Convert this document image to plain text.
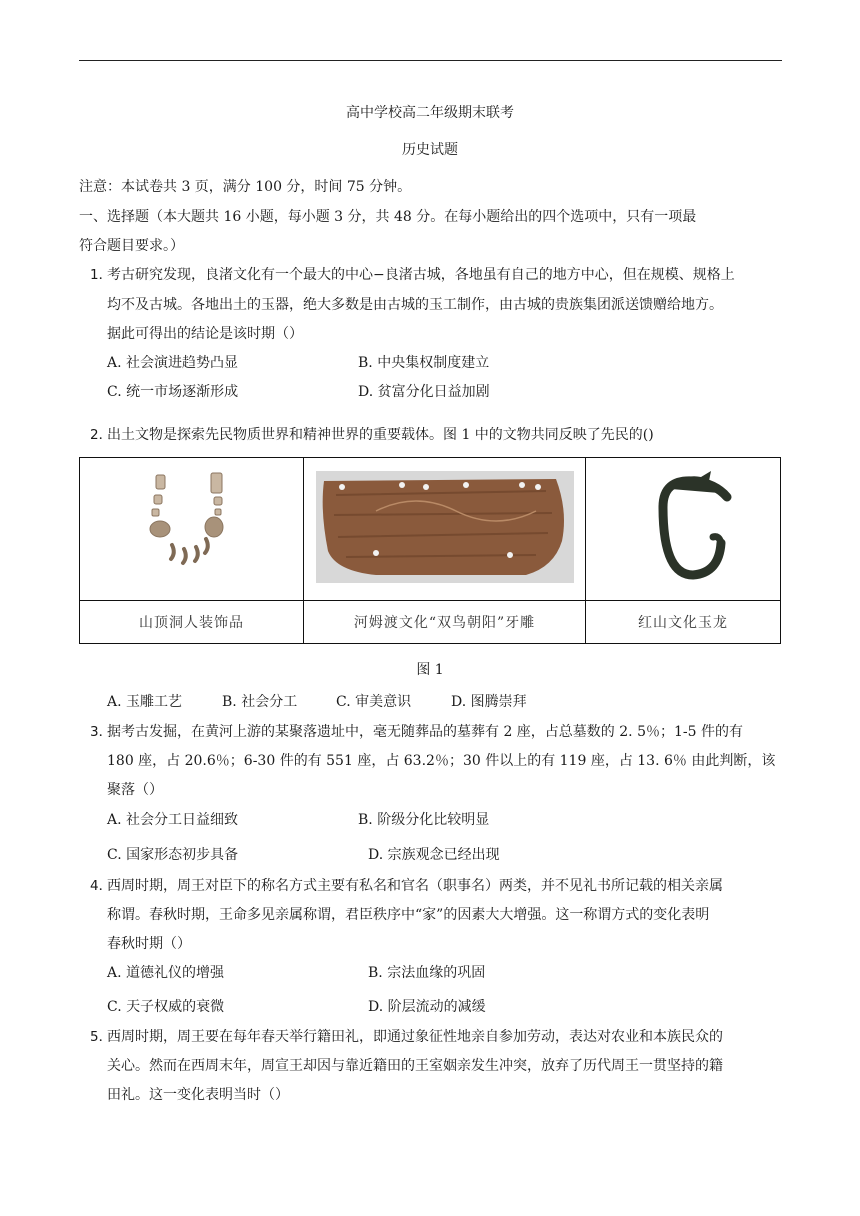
高中学校高二年级期末联考
历史试题
注意：本试卷共 3 页，满分 100 分，时间 75 分钟。
一、选择题（本大题共 16 小题，每小题 3 分，共 48 分。在每小题给出的四个选项中，只有一项最
符合题目要求。）
1．
考古研究发现，良渚文化有一个最大的中心−良渚古城，各地虽有自己的地方中心，但在规模、规格上
均不及古城。各地出土的玉器，绝大多数是由古城的玉工制作，由古城的贵族集团派送馈赠给地方。
据此可得出的结论是该时期（）
A. 社会演进趋势凸显	B. 中央集权制度建立
C. 统一市场逐渐形成	D. 贫富分化日益加剧
2．
出土文物是探索先民物质世界和精神世界的重要载体。图 1 中的文物共同反映了先民的()

山顶洞人装饰品	河姆渡文化“双鸟朝阳”牙雕	红山文化玉龙
图 1
A. 玉雕工艺	B. 社会分工	C. 审美意识	D. 图腾崇拜
3．
据考古发掘，在黄河上游的某聚落遗址中，毫无随葬品的墓葬有 2 座，占总墓数的 2. 5％；1-5 件的有
180 座，占 20.6％；6-30 件的有 551 座，占 63.2％；30 件以上的有 119 座，占 13. 6％ 由此判断，该
聚落（）
A. 社会分工日益细致	B. 阶级分化比较明显
C. 国家形态初步具备	D. 宗族观念已经出现
4．
西周时期，周王对臣下的称名方式主要有私名和官名（职事名）两类，并不见礼书所记载的相关亲属
称谓。春秋时期，王命多见亲属称谓，君臣秩序中“家”的因素大大增强。这一称谓方式的变化表明
春秋时期（）
A. 道德礼仪的增强	B. 宗法血缘的巩固
C. 天子权威的衰微	D. 阶层流动的减缓
5．
西周时期，周王要在每年春天举行籍田礼，即通过象征性地亲自参加劳动，表达对农业和本族民众的
关心。然而在西周末年，周宣王却因与靠近籍田的王室姻亲发生冲突，放弃了历代周王一贯坚持的籍
田礼。这一变化表明当时（）
